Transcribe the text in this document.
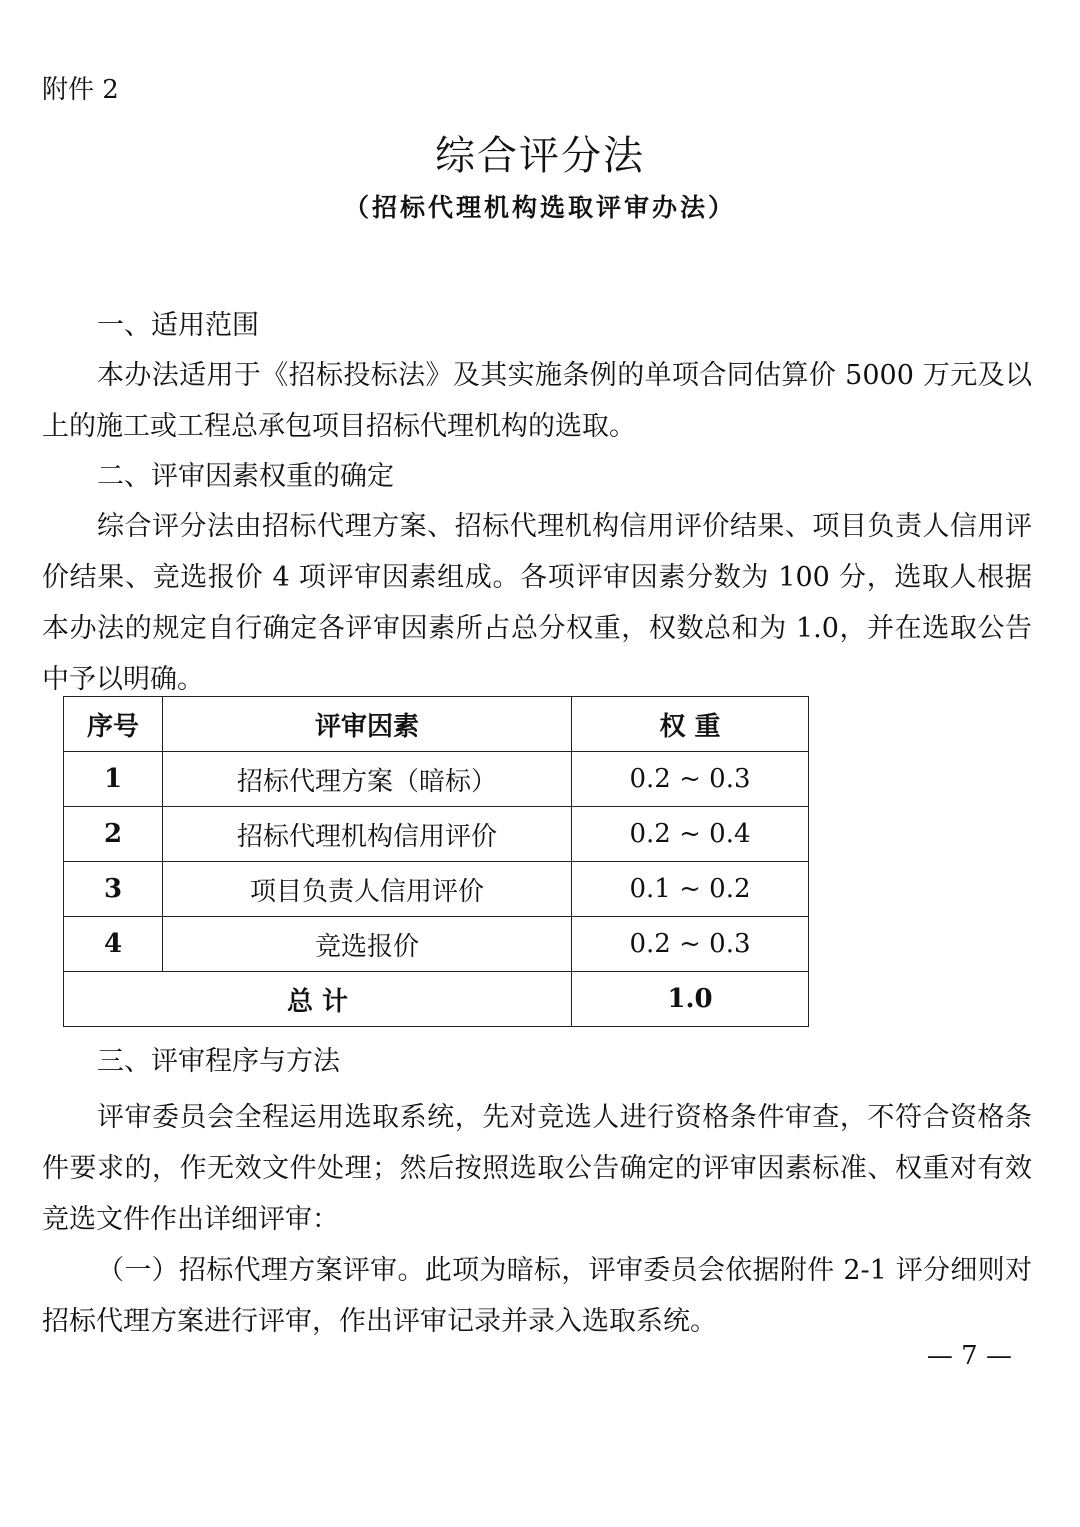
附件 2

综合评分法

（招标代理机构选取评审办法）

一、适用范围

本办法适用于《招标投标法》及其实施条例的单项合同估算价 5000 万元及以上的施工或工程总承包项目招标代理机构的选取。

二、评审因素权重的确定

综合评分法由招标代理方案、招标代理机构信用评价结果、项目负责人信用评价结果、竞选报价 4 项评审因素组成。各项评审因素分数为 100 分，选取人根据本办法的规定自行确定各评审因素所占总分权重，权数总和为 1.0，并在选取公告中予以明确。

序号	评审因素	权 重
1	招标代理方案（暗标）	0.2 ~ 0.3
2	招标代理机构信用评价	0.2 ~ 0.4
3	项目负责人信用评价	0.1 ~ 0.2
4	竞选报价	0.2 ~ 0.3
总 计		1.0

三、评审程序与方法

评审委员会全程运用选取系统，先对竞选人进行资格条件审查，不符合资格条件要求的，作无效文件处理；然后按照选取公告确定的评审因素标准、权重对有效竞选文件作出详细评审：

（一）招标代理方案评审。此项为暗标，评审委员会依据附件 2-1 评分细则对招标代理方案进行评审，作出评审记录并录入选取系统。

— 7 —
